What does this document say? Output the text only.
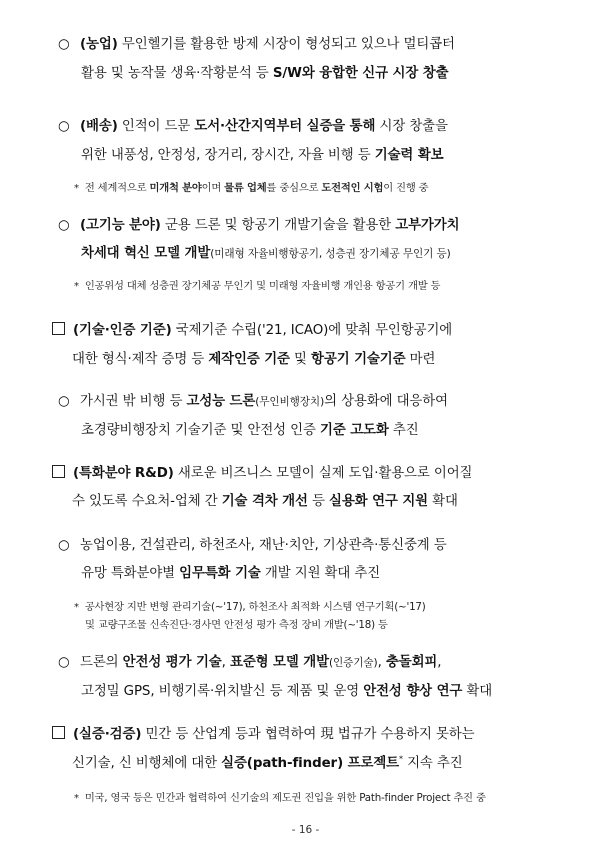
○ (농업) 무인헬기를 활용한 방제 시장이 형성되고 있으나 멀티콥터

활용 및 농작물 생육·작황분석 등 S/W와 융합한 신규 시장 창출

○ (배송) 인적이 드문 도서·산간지역부터 실증을 통해 시장 창출을

위한 내풍성, 안정성, 장거리, 장시간, 자율 비행 등 기술력 확보

* 전 세계적으로 미개척 분야이며 물류 업체를 중심으로 도전적인 시험이 진행 중

○ (고기능 분야) 군용 드론 및 항공기 개발기술을 활용한 고부가가치

차세대 혁신 모델 개발(미래형 자율비행항공기, 성층권 장기체공 무인기 등)

* 인공위성 대체 성층권 장기체공 무인기 및 미래형 자율비행 개인용 항공기 개발 등

(기술·인증 기준) 국제기준 수립('21, ICAO)에 맞춰 무인항공기에

대한 형식·제작 증명 등 제작인증 기준 및 항공기 기술기준 마련

○ 가시권 밖 비행 등 고성능 드론(무인비행장치)의 상용화에 대응하여

초경량비행장치 기술기준 및 안전성 인증 기준 고도화 추진

(특화분야 R&D) 새로운 비즈니스 모델이 실제 도입·활용으로 이어질

수 있도록 수요처-업체 간 기술 격차 개선 등 실용화 연구 지원 확대

○ 농업이용, 건설관리, 하천조사, 재난·치안, 기상관측·통신중계 등

유망 특화분야별 임무특화 기술 개발 지원 확대 추진

* 공사현장 지반 변형 관리기술(~'17), 하천조사 최적화 시스템 연구기획(~'17)

및 교량구조물 신속진단·경사면 안전성 평가 측정 장비 개발(~'18) 등

○ 드론의 안전성 평가 기술, 표준형 모델 개발(인증기술), 충돌회피,

고정밀 GPS, 비행기록·위치발신 등 제품 및 운영 안전성 향상 연구 확대

(실증·검증) 민간 등 산업계 등과 협력하여 現 법규가 수용하지 못하는

신기술, 신 비행체에 대한 실증(path-finder) 프로젝트* 지속 추진

* 미국, 영국 등은 민간과 협력하여 신기술의 제도권 진입을 위한 Path-finder Project 추진 중

- 16 -
